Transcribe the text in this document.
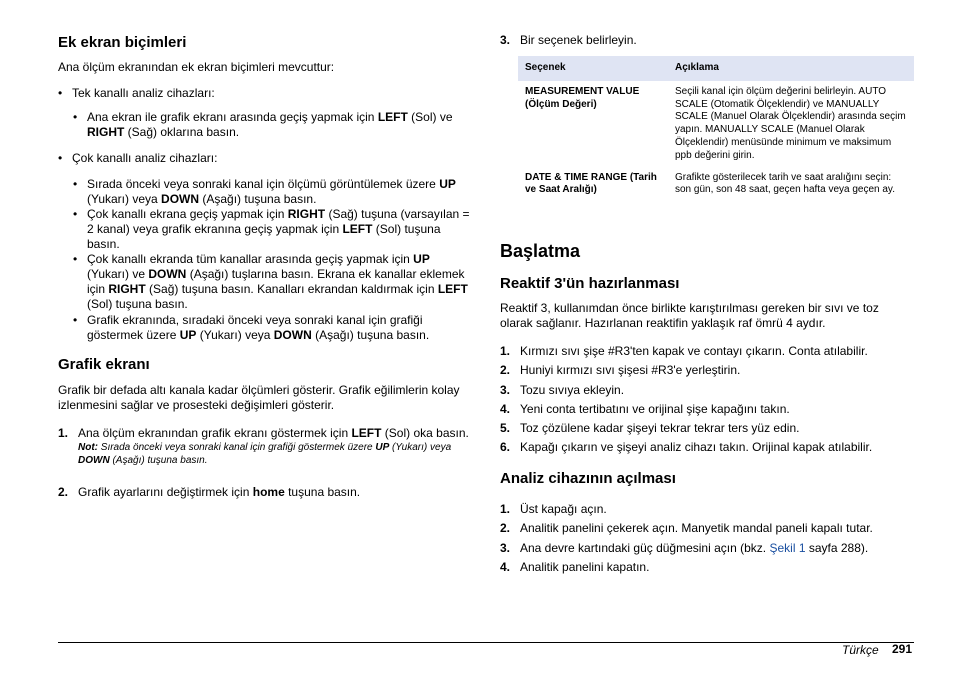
Ek ekran biçimleri
Ana ölçüm ekranından ek ekran biçimleri mevcuttur:
• Tek kanallı analiz cihazları:
• Ana ekran ile grafik ekranı arasında geçiş yapmak için LEFT (Sol) ve RIGHT (Sağ) oklarına basın.
• Çok kanallı analiz cihazları:
• Sırada önceki veya sonraki kanal için ölçümü görüntülemek üzere UP (Yukarı) veya DOWN (Aşağı) tuşuna basın.
• Çok kanallı ekrana geçiş yapmak için RIGHT (Sağ) tuşuna (varsayılan = 2 kanal) veya grafik ekranına geçiş yapmak için LEFT (Sol) tuşuna basın.
• Çok kanallı ekranda tüm kanallar arasında geçiş yapmak için UP (Yukarı) ve DOWN (Aşağı) tuşlarına basın. Ekrana ek kanallar eklemek için RIGHT (Sağ) tuşuna basın. Kanalları ekrandan kaldırmak için LEFT (Sol) tuşuna basın.
• Grafik ekranında, sıradaki önceki veya sonraki kanal için grafiği göstermek üzere UP (Yukarı) veya DOWN (Aşağı) tuşuna basın.
Grafik ekranı
Grafik bir defada altı kanala kadar ölçümleri gösterir. Grafik eğilimlerin kolay izlenmesini sağlar ve prosesteki değişimleri gösterir.
1. Ana ölçüm ekranından grafik ekranı göstermek için LEFT (Sol) oka basın.
Not: Sırada önceki veya sonraki kanal için grafiği göstermek üzere UP (Yukarı) veya DOWN (Aşağı) tuşuna basın.
2. Grafik ayarlarını değiştirmek için home tuşuna basın.
3. Bir seçenek belirleyin.
Seçenek	Açıklama
MEASUREMENT VALUE (Ölçüm Değeri)	Seçili kanal için ölçüm değerini belirleyin. AUTO SCALE (Otomatik Ölçeklendir) ve MANUALLY SCALE (Manuel Olarak Ölçeklendir) arasında seçim yapın. MANUALLY SCALE (Manuel Olarak Ölçeklendir) menüsünde minimum ve maksimum ppb değerini girin.
DATE & TIME RANGE (Tarih ve Saat Aralığı)	Grafikte gösterilecek tarih ve saat aralığını seçin: son gün, son 48 saat, geçen hafta veya geçen ay.
Başlatma
Reaktif 3'ün hazırlanması
Reaktif 3, kullanımdan önce birlikte karıştırılması gereken bir sıvı ve toz olarak sağlanır. Hazırlanan reaktifin yaklaşık raf ömrü 4 aydır.
1. Kırmızı sıvı şişe #R3'ten kapak ve contayı çıkarın. Conta atılabilir.
2. Huniyi kırmızı sıvı şişesi #R3'e yerleştirin.
3. Tozu sıvıya ekleyin.
4. Yeni conta tertibatını ve orijinal şişe kapağını takın.
5. Toz çözülene kadar şişeyi tekrar tekrar ters yüz edin.
6. Kapağı çıkarın ve şişeyi analiz cihazı takın. Orijinal kapak atılabilir.
Analiz cihazının açılması
1. Üst kapağı açın.
2. Analitik panelini çekerek açın. Manyetik mandal paneli kapalı tutar.
3. Ana devre kartındaki güç düğmesini açın (bkz. Şekil 1 sayfa 288).
4. Analitik panelini kapatın.
Türkçe 291
